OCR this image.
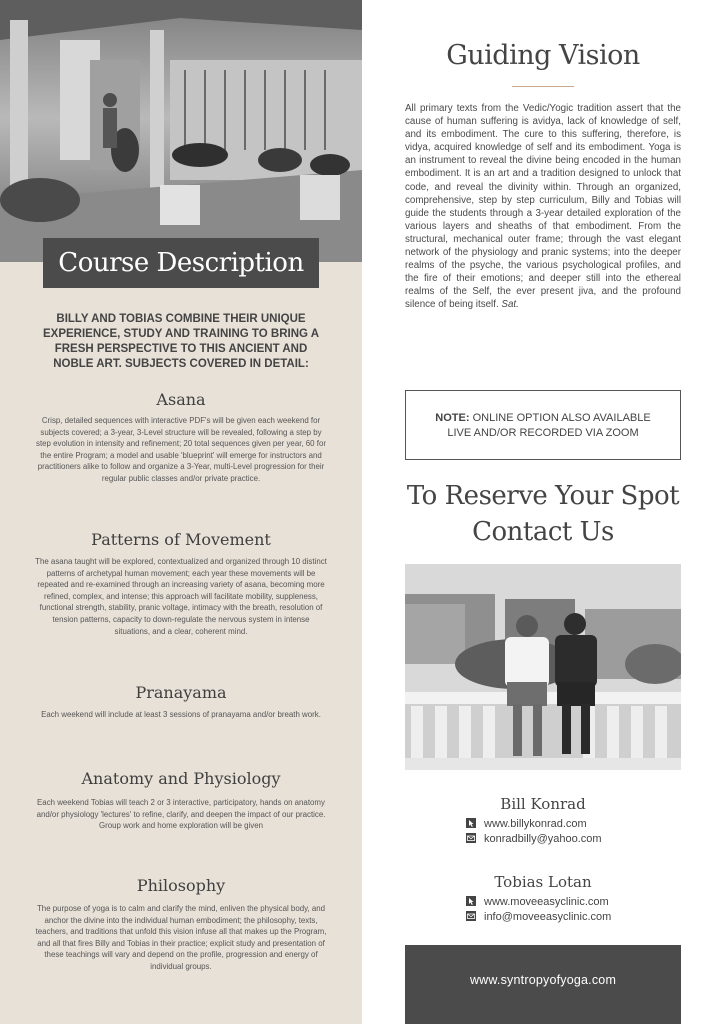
Course Description
BILLY AND TOBIAS COMBINE THEIR UNIQUE EXPERIENCE, STUDY AND TRAINING TO BRING A FRESH PERSPECTIVE TO THIS ANCIENT AND NOBLE ART. SUBJECTS COVERED IN DETAIL:
Asana
Crisp, detailed sequences with interactive PDF's will be given each weekend for subjects covered; a 3-year, 3-Level structure will be revealed, following a step by step evolution in intensity and refinement; 20 total sequences given per year, 60 for the entire Program; a model and usable 'blueprint' will emerge for instructors and practitioners alike to follow and organize a 3-Year, multi-Level progression for their regular public classes and/or private practice.
Patterns of Movement
The asana taught will be explored, contextualized and organized through 10 distinct patterns of archetypal human movement; each year these movements will be repeated and re-examined through an increasing variety of asana, becoming more refined, complex, and intense; this approach will facilitate mobility, suppleness, functional strength, stability, pranic voltage, intimacy with the breath, resolution of tension patterns, capacity to down-regulate the nervous system in intense situations, and a clear, coherent mind.
Pranayama
Each weekend will include at least 3 sessions of pranayama and/or breath work.
Anatomy and Physiology
Each weekend Tobias will teach 2 or 3 interactive, participatory, hands on anatomy and/or physiology 'lectures' to refine, clarify, and deepen the impact of our practice. Group work and home exploration will be given
Philosophy
The purpose of yoga is to calm and clarify the mind, enliven the physical body, and anchor the divine into the individual human embodiment; the philosophy, texts, teachers, and traditions that unfold this vision infuse all that makes up the Program, and all that fires Billy and Tobias in their practice; explicit study and presentation of these teachings will vary and depend on the profile, progression and energy of individual groups.
Guiding Vision
All primary texts from the Vedic/Yogic tradition assert that the cause of human suffering is avidya, lack of knowledge of self, and its embodiment. The cure to this suffering, therefore, is vidya, acquired knowledge of self and its embodiment. Yoga is an instrument to reveal the divine being encoded in the human embodiment. It is an art and a tradition designed to unlock that code, and reveal the divinity within. Through an organized, comprehensive, step by step curriculum, Billy and Tobias will guide the students through a 3-year detailed exploration of the various layers and sheaths of that embodiment. From the structural, mechanical outer frame; through the vast elegant network of the physiology and pranic systems; into the deeper realms of the psyche, the various psychological profiles, and the fire of their emotions; and deeper still into the ethereal realms of the Self, the ever present jiva, and the profound silence of being itself. Sat.
NOTE: ONLINE OPTION ALSO AVAILABLE
LIVE AND/OR RECORDED VIA ZOOM
To Reserve Your Spot
Contact Us
Bill Konrad
www.billykonrad.com
konradbilly@yahoo.com
Tobias Lotan
www.moveeasyclinic.com
info@moveeasyclinic.com
www.syntropyofyoga.com
